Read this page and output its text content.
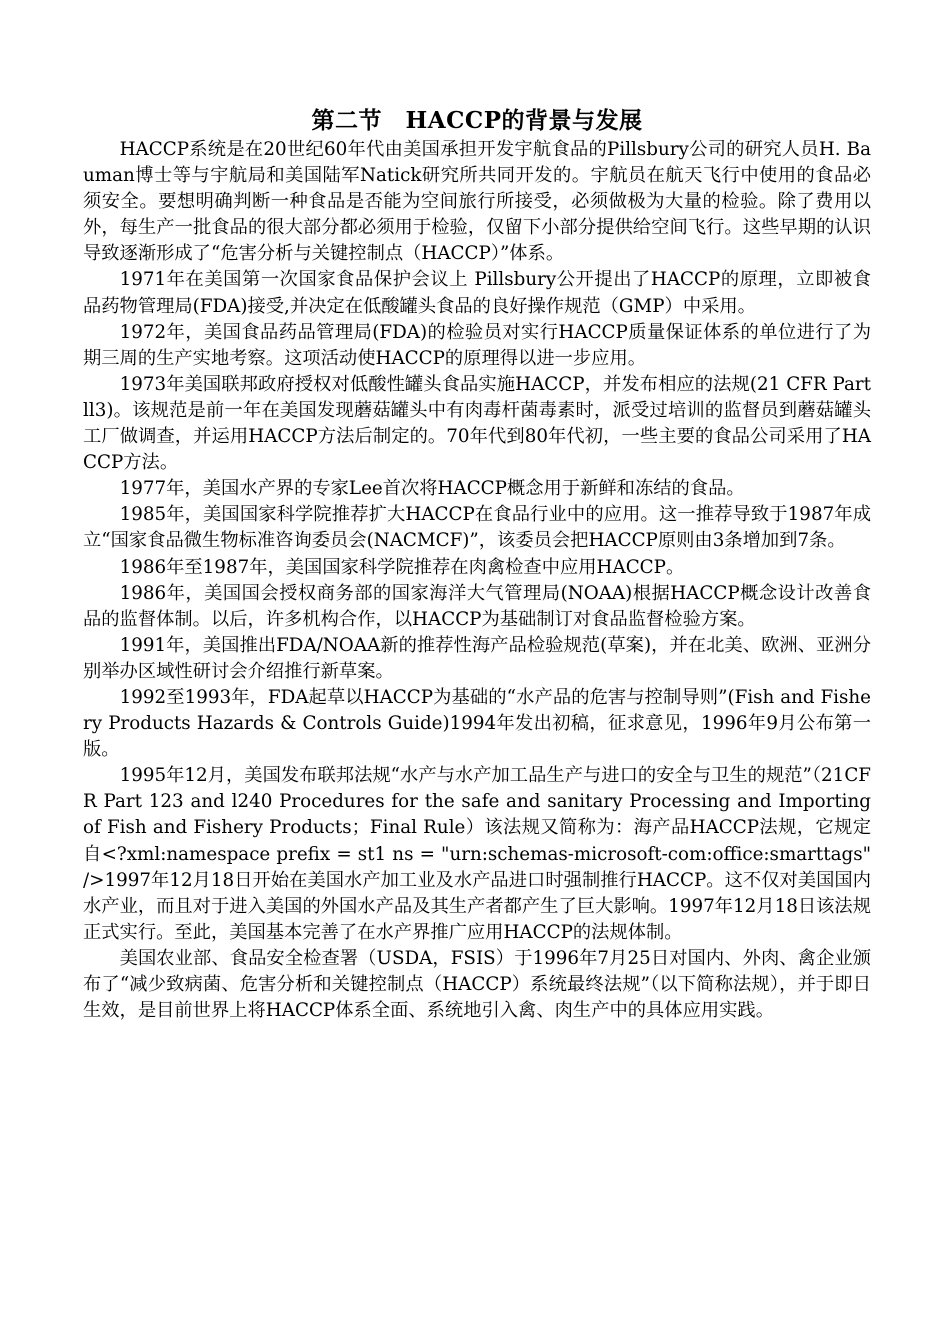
第二节　HACCP的背景与发展

HACCP系统是在20世纪60年代由美国承担开发宇航食品的Pillsbury公司的研究人员H. Bauman博士等与宇航局和美国陆军Natick研究所共同开发的。宇航员在航天飞行中使用的食品必须安全。要想明确判断一种食品是否能为空间旅行所接受，必须做极为大量的检验。除了费用以外，每生产一批食品的很大部分都必须用于检验，仅留下小部分提供给空间飞行。这些早期的认识导致逐渐形成了“危害分析与关键控制点（HACCP）”体系。

1971年在美国第一次国家食品保护会议上 Pillsbury公开提出了HACCP的原理，立即被食品药物管理局(FDA)接受,并决定在低酸罐头食品的良好操作规范（GMP）中采用。

1972年，美国食品药品管理局(FDA)的检验员对实行HACCP质量保证体系的单位进行了为期三周的生产实地考察。这项活动使HACCP的原理得以进一步应用。

1973年美国联邦政府授权对低酸性罐头食品实施HACCP，并发布相应的法规(21 CFR Part ll3)。该规范是前一年在美国发现蘑菇罐头中有肉毒杆菌毒素时，派受过培训的监督员到蘑菇罐头工厂做调查，并运用HACCP方法后制定的。70年代到80年代初，一些主要的食品公司采用了HACCP方法。

1977年，美国水产界的专家Lee首次将HACCP概念用于新鲜和冻结的食品。

1985年，美国国家科学院推荐扩大HACCP在食品行业中的应用。这一推荐导致于1987年成立“国家食品微生物标准咨询委员会(NACMCF)”，该委员会把HACCP原则由3条增加到7条。

1986年至1987年，美国国家科学院推荐在肉禽检查中应用HACCP。

1986年，美国国会授权商务部的国家海洋大气管理局(NOAA)根据HACCP概念设计改善食品的监督体制。以后，许多机构合作，以HACCP为基础制订对食品监督检验方案。

1991年，美国推出FDA/NOAA新的推荐性海产品检验规范(草案)，并在北美、欧洲、亚洲分别举办区域性研讨会介绍推行新草案。

1992至1993年，FDA起草以HACCP为基础的“水产品的危害与控制导则”(Fish and Fishery Products Hazards & Controls Guide)1994年发出初稿，征求意见，1996年9月公布第一版。

1995年12月，美国发布联邦法规“水产与水产加工品生产与进口的安全与卫生的规范”（21CFR Part 123 and l240 Procedures for the safe and sanitary Processing and Importing of Fish and Fishery Products；Final Rule）该法规又简称为：海产品HACCP法规，它规定自<?xml:namespace prefix = st1 ns = "urn:schemas-microsoft-com:office:smarttags" />1997年12月18日开始在美国水产加工业及水产品进口时强制推行HACCP。这不仅对美国国内水产业，而且对于进入美国的外国水产品及其生产者都产生了巨大影响。1997年12月18日该法规正式实行。至此，美国基本完善了在水产界推广应用HACCP的法规体制。

美国农业部、食品安全检查署（USDA，FSIS）于1996年7月25日对国内、外肉、禽企业颁布了“减少致病菌、危害分析和关键控制点（HACCP）系统最终法规”（以下简称法规），并于即日生效，是目前世界上将HACCP体系全面、系统地引入禽、肉生产中的具体应用实践。
